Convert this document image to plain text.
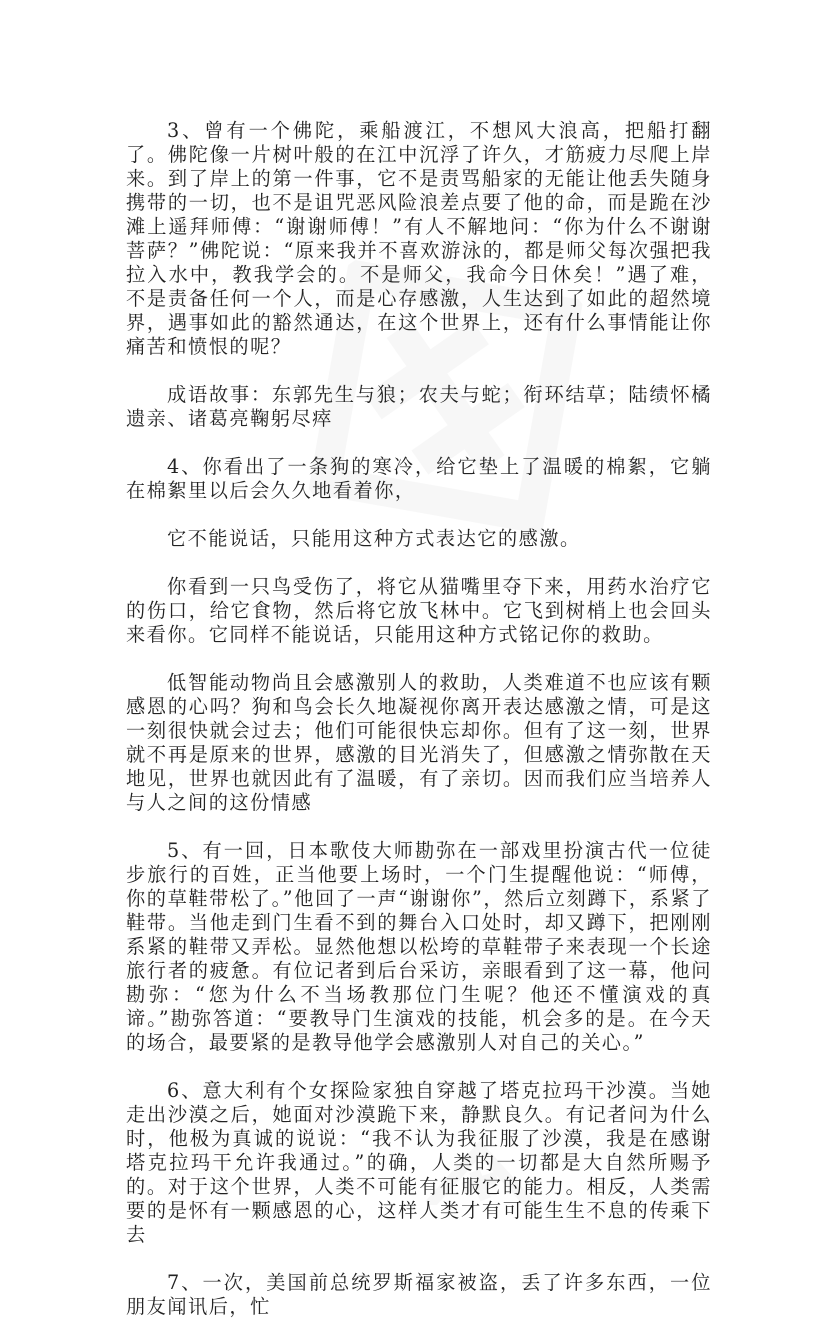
3、曾有一个佛陀，乘船渡江，不想风大浪高，把船打翻了。佛陀像一片树叶般的在江中沉浮了许久，才筋疲力尽爬上岸来。到了岸上的第一件事，它不是责骂船家的无能让他丢失随身携带的一切，也不是诅咒恶风险浪差点要了他的命，而是跪在沙滩上遥拜师傅：“谢谢师傅！”有人不解地问：“你为什么不谢谢菩萨？”佛陀说：“原来我并不喜欢游泳的，都是师父每次强把我拉入水中，教我学会的。不是师父，我命今日休矣！”遇了难，不是责备任何一个人，而是心存感激，人生达到了如此的超然境界，遇事如此的豁然通达，在这个世界上，还有什么事情能让你痛苦和愤恨的呢？

成语故事：东郭先生与狼；农夫与蛇；衔环结草；陆绩怀橘遗亲、诸葛亮鞠躬尽瘁

4、你看出了一条狗的寒冷，给它垫上了温暖的棉絮，它躺在棉絮里以后会久久地看着你，

它不能说话，只能用这种方式表达它的感激。

你看到一只鸟受伤了，将它从猫嘴里夺下来，用药水治疗它的伤口，给它食物，然后将它放飞林中。它飞到树梢上也会回头来看你。它同样不能说话，只能用这种方式铭记你的救助。

低智能动物尚且会感激别人的救助，人类难道不也应该有颗感恩的心吗？狗和鸟会长久地凝视你离开表达感激之情，可是这一刻很快就会过去；他们可能很快忘却你。但有了这一刻，世界就不再是原来的世界，感激的目光消失了，但感激之情弥散在天地见，世界也就因此有了温暖，有了亲切。因而我们应当培养人与人之间的这份情感

5、有一回，日本歌伎大师勘弥在一部戏里扮演古代一位徒步旅行的百姓，正当他要上场时，一个门生提醒他说：“师傅，你的草鞋带松了。”他回了一声“谢谢你”，然后立刻蹲下，系紧了鞋带。当他走到门生看不到的舞台入口处时，却又蹲下，把刚刚系紧的鞋带又弄松。显然他想以松垮的草鞋带子来表现一个长途旅行者的疲惫。有位记者到后台采访，亲眼看到了这一幕，他问勘弥：“您为什么不当场教那位门生呢？他还不懂演戏的真谛。”勘弥答道：“要教导门生演戏的技能，机会多的是。在今天的场合，最要紧的是教导他学会感激别人对自己的关心。”

6、意大利有个女探险家独自穿越了塔克拉玛干沙漠。当她走出沙漠之后，她面对沙漠跪下来，静默良久。有记者问为什么时，他极为真诚的说说：“我不认为我征服了沙漠，我是在感谢塔克拉玛干允许我通过。”的确，人类的一切都是大自然所赐予的。对于这个世界，人类不可能有征服它的能力。相反，人类需要的是怀有一颗感恩的心，这样人类才有可能生生不息的传乘下去

7、一次，美国前总统罗斯福家被盗，丢了许多东西，一位朋友闻讯后，忙
